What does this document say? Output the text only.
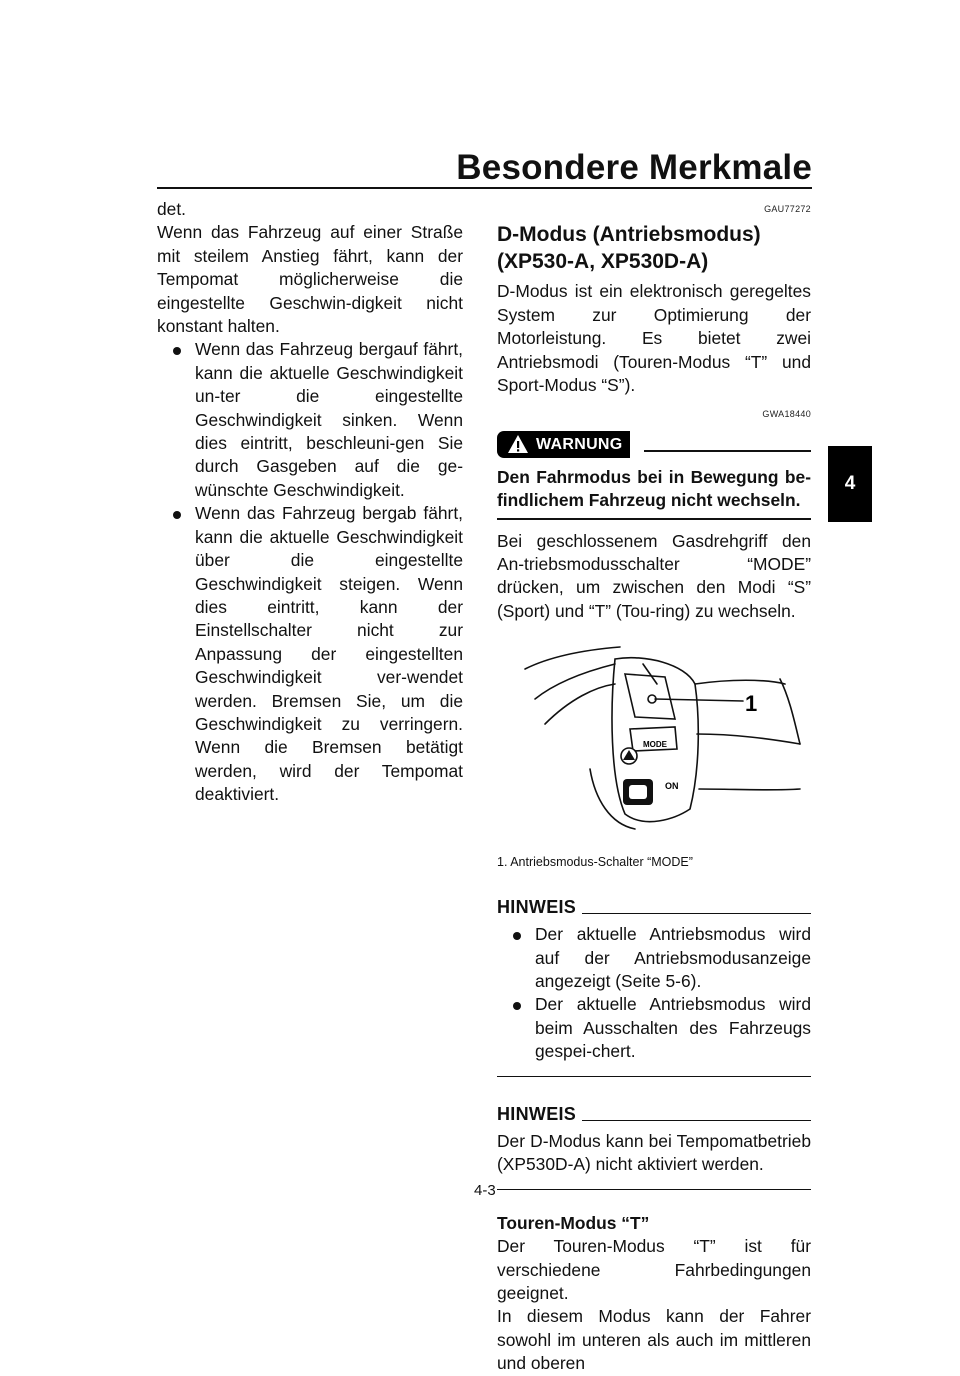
Besondere Merkmale
4

det.

Wenn das Fahrzeug auf einer Straße mit steilem Anstieg fährt, kann der Tempomat möglicherweise die eingestellte Geschwin-digkeit nicht konstant halten.

Wenn das Fahrzeug bergauf fährt, kann die aktuelle Geschwindigkeit un-ter die eingestellte Geschwindigkeit sinken. Wenn dies eintritt, beschleuni-gen Sie durch Gasgeben auf die ge-wünschte Geschwindigkeit.
Wenn das Fahrzeug bergab fährt, kann die aktuelle Geschwindigkeit über die eingestellte Geschwindigkeit steigen. Wenn dies eintritt, kann der Einstellschalter nicht zur Anpassung der eingestellten Geschwindigkeit ver-wendet werden. Bremsen Sie, um die Geschwindigkeit zu verringern. Wenn die Bremsen betätigt werden, wird der Tempomat deaktiviert.
GAU77272
D-Modus (Antriebsmodus) (XP530-A, XP530D-A)

D-Modus ist ein elektronisch geregeltes System zur Optimierung der Motorleistung. Es bietet zwei Antriebsmodi (Touren-Modus “T” und Sport-Modus “S”).

GWA18440
WARNUNG
Den Fahrmodus bei in Bewegung be-findlichem Fahrzeug nicht wechseln.

Bei geschlossenem Gasdrehgriff den An-triebsmodusschalter “MODE” drücken, um zwischen den Modi “S” (Sport) und “T” (Tou-ring) zu wechseln.

MODE
ON
1
1. Antriebsmodus-Schalter “MODE”
HINWEIS
Der aktuelle Antriebsmodus wird auf der Antriebsmodusanzeige angezeigt (Seite 5-6).
Der aktuelle Antriebsmodus wird beim Ausschalten des Fahrzeugs gespei-chert.
HINWEIS

Der D-Modus kann bei Tempomatbetrieb (XP530D-A) nicht aktiviert werden.

Touren-Modus “T”

Der Touren-Modus “T” ist für verschiedene Fahrbedingungen geeignet.

In diesem Modus kann der Fahrer sowohl im unteren als auch im mittleren und oberen

4-3
